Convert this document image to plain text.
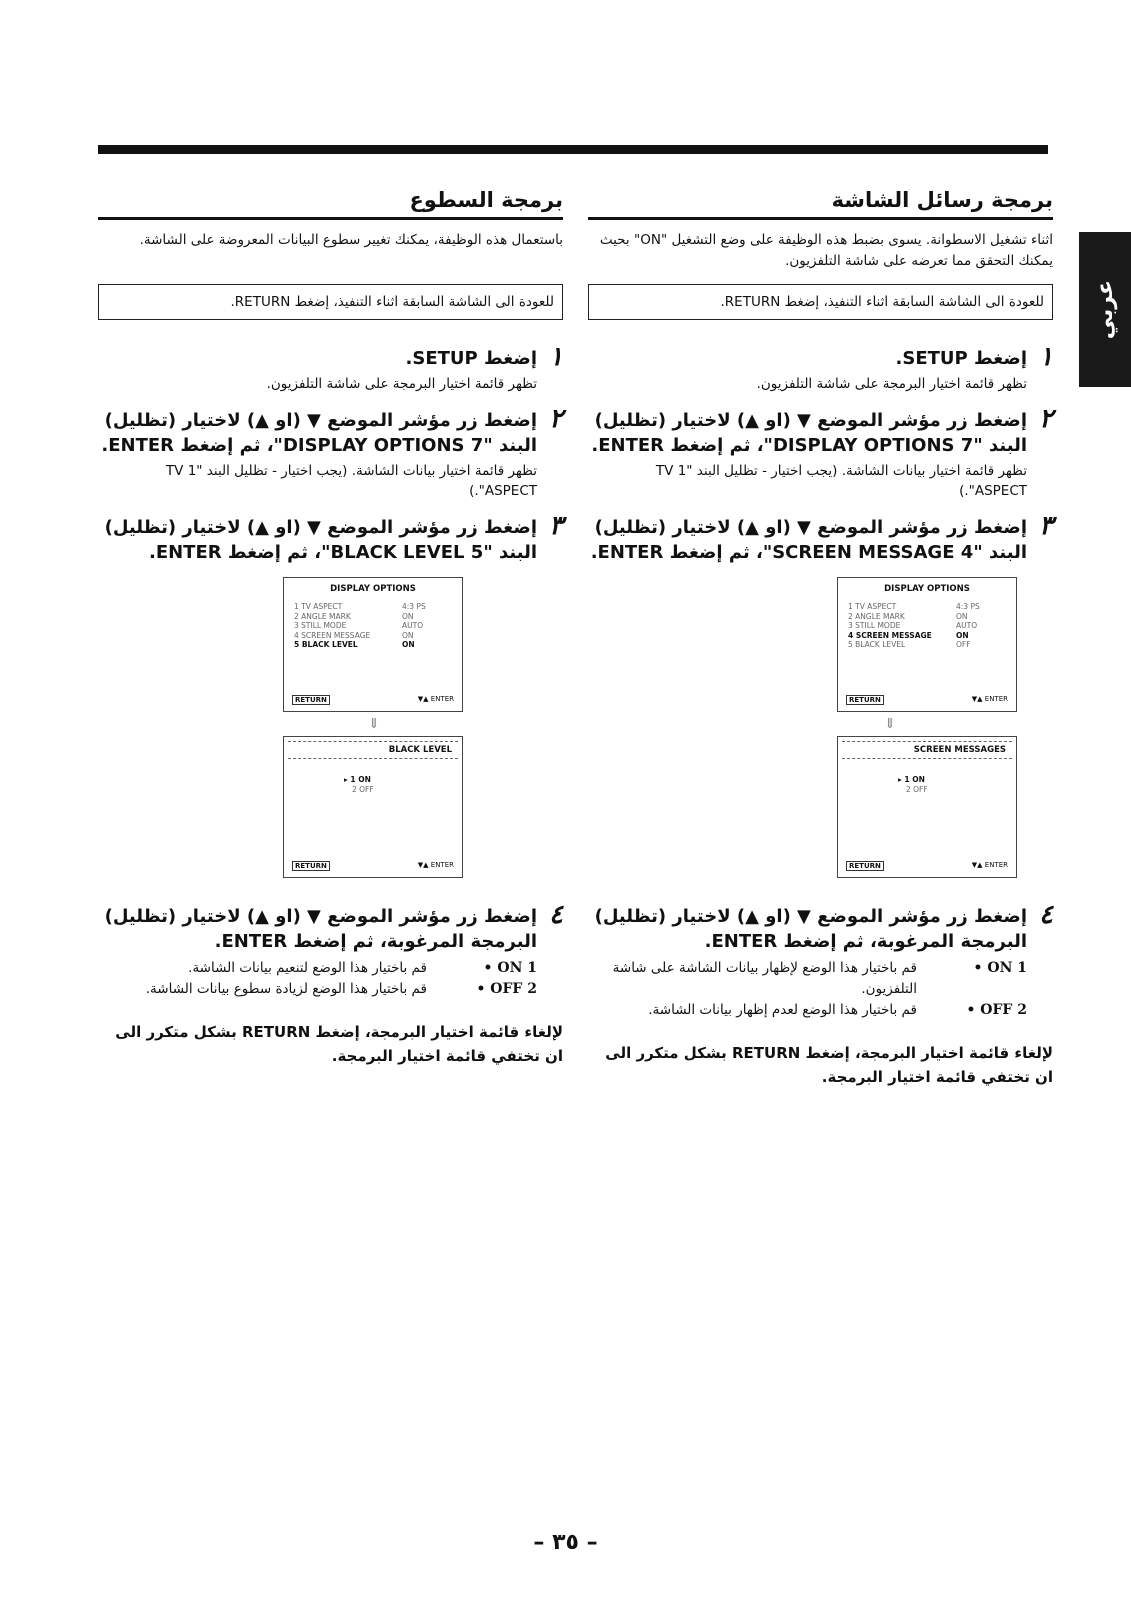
عربي
برمجة رسائل الشاشة
اثناء تشغيل الاسطوانة. يسوى بضبط هذه الوظيفة على وضع التشغيل "ON" بحيث يمكنك التحقق مما تعرضه على شاشة التلفزيون.
للعودة الى الشاشة السابقة اثناء التنفيذ، إضغط RETURN.
١
إضغط SETUP.
تظهر قائمة اختيار البرمجة على شاشة التلفزيون.
٢
إضغط زر مؤشر الموضع ▼ (او ▲) لاختيار (تظليل) البند "7 DISPLAY OPTIONS"، ثم إضغط ENTER.
تظهر قائمة اختيار بيانات الشاشة. (يجب اختيار - تظليل البند "1 TV ASPECT".)
٣
إضغط زر مؤشر الموضع ▼ (او ▲) لاختيار (تظليل) البند "4 SCREEN MESSAGE"، ثم إضغط ENTER.
DISPLAY OPTIONS
1 TV ASPECT	4:3 PS
2 ANGLE MARK	ON
3 STILL MODE	AUTO
4 SCREEN MESSAGE	ON
5 BLACK LEVEL	OFF
RETURN	▼▲ ENTER
⇓
SCREEN MESSAGES
▸ 1 ON
2 OFF
RETURN	▼▲ ENTER
٤
إضغط زر مؤشر الموضع ▼ (او ▲) لاختيار (تظليل) البرمجة المرغوبة، ثم إضغط ENTER.
1 ON •
قم باختيار هذا الوضع لإظهار بيانات الشاشة على شاشة التلفزيون.
2 OFF •
قم باختيار هذا الوضع لعدم إظهار بيانات الشاشة.
لإلغاء قائمة اختيار البرمجة، إضغط RETURN بشكل متكرر الى ان تختفي قائمة اختيار البرمجة.
برمجة السطوع
باستعمال هذه الوظيفة، يمكنك تغيير سطوع البيانات المعروضة على الشاشة.
للعودة الى الشاشة السابقة اثناء التنفيذ، إضغط RETURN.
١
إضغط SETUP.
تظهر قائمة اختيار البرمجة على شاشة التلفزيون.
٢
إضغط زر مؤشر الموضع ▼ (او ▲) لاختيار (تظليل) البند "7 DISPLAY OPTIONS"، ثم إضغط ENTER.
تظهر قائمة اختيار بيانات الشاشة. (يجب اختيار - تظليل البند "1 TV ASPECT".)
٣
إضغط زر مؤشر الموضع ▼ (او ▲) لاختيار (تظليل) البند "5 BLACK LEVEL"، ثم إضغط ENTER.
DISPLAY OPTIONS
1 TV ASPECT	4:3 PS
2 ANGLE MARK	ON
3 STILL MODE	AUTO
4 SCREEN MESSAGE	ON
5 BLACK LEVEL	ON
RETURN	▼▲ ENTER
⇓
BLACK LEVEL
▸ 1 ON
2 OFF
RETURN	▼▲ ENTER
٤
إضغط زر مؤشر الموضع ▼ (او ▲) لاختيار (تظليل) البرمجة المرغوبة، ثم إضغط ENTER.
1 ON •
قم باختيار هذا الوضع لتنعيم بيانات الشاشة.
2 OFF •
قم باختيار هذا الوضع لزيادة سطوع بيانات الشاشة.
لإلغاء قائمة اختيار البرمجة، إضغط RETURN بشكل متكرر الى ان تختفي قائمة اختيار البرمجة.
– ٣٥ –
